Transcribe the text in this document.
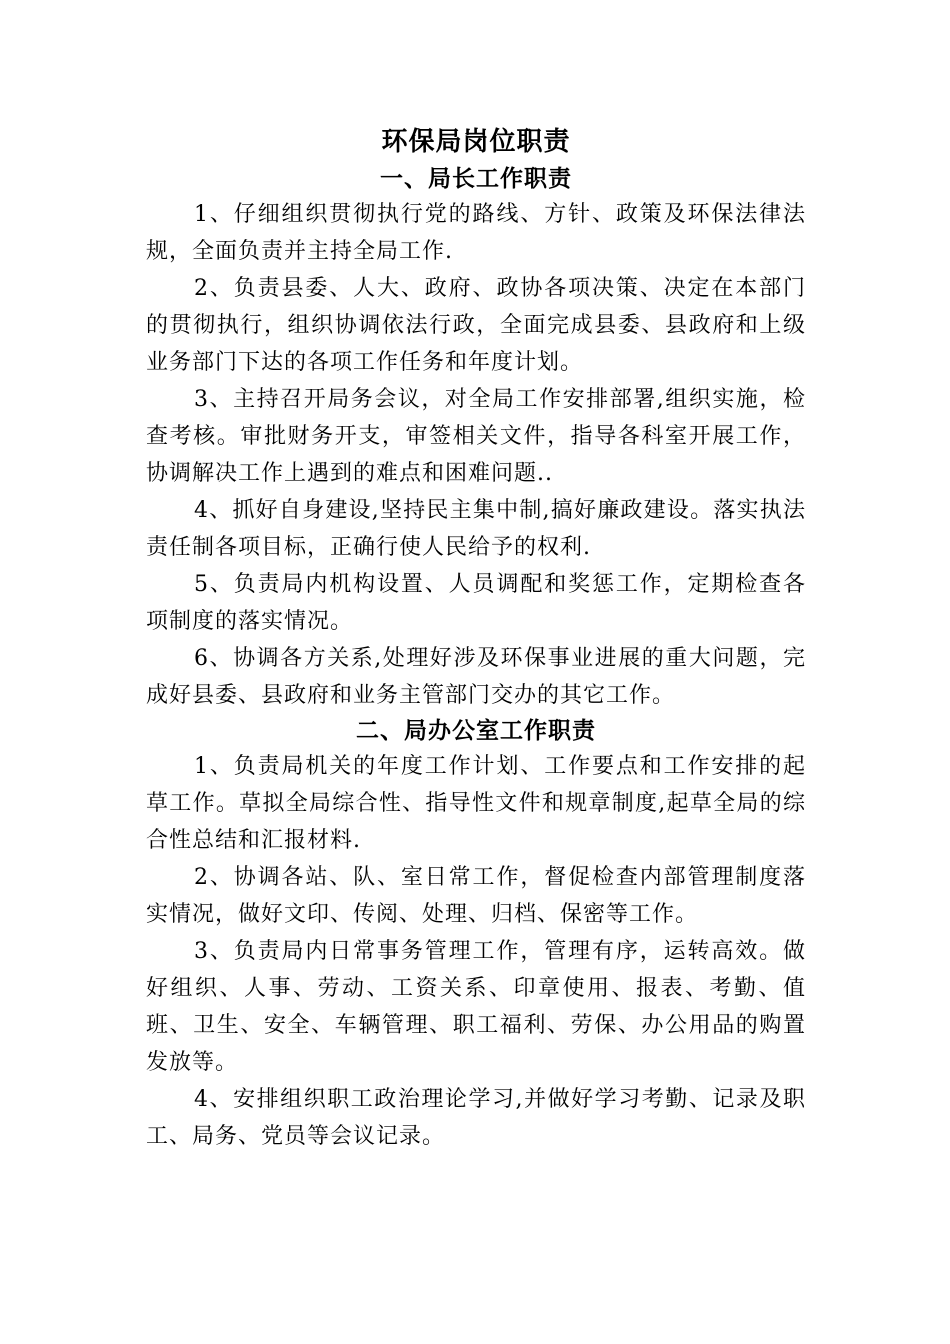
环保局岗位职责
一、局长工作职责

1、仔细组织贯彻执行党的路线、方针、政策及环保法律法规，全面负责并主持全局工作.

2、负责县委、人大、政府、政协各项决策、决定在本部门的贯彻执行，组织协调依法行政，全面完成县委、县政府和上级业务部门下达的各项工作任务和年度计划。

3、主持召开局务会议，对全局工作安排部署,组织实施，检查考核。审批财务开支，审签相关文件，指导各科室开展工作，协调解决工作上遇到的难点和困难问题..

4、抓好自身建设,坚持民主集中制,搞好廉政建设。落实执法责任制各项目标，正确行使人民给予的权利.

5、负责局内机构设置、人员调配和奖惩工作，定期检查各项制度的落实情况。

6、协调各方关系,处理好涉及环保事业进展的重大问题，完成好县委、县政府和业务主管部门交办的其它工作。

二、局办公室工作职责

1、负责局机关的年度工作计划、工作要点和工作安排的起草工作。草拟全局综合性、指导性文件和规章制度,起草全局的综合性总结和汇报材料.

2、协调各站、队、室日常工作，督促检查内部管理制度落实情况，做好文印、传阅、处理、归档、保密等工作。

3、负责局内日常事务管理工作，管理有序，运转高效。做好组织、人事、劳动、工资关系、印章使用、报表、考勤、值班、卫生、安全、车辆管理、职工福利、劳保、办公用品的购置发放等。

4、安排组织职工政治理论学习,并做好学习考勤、记录及职工、局务、党员等会议记录。
